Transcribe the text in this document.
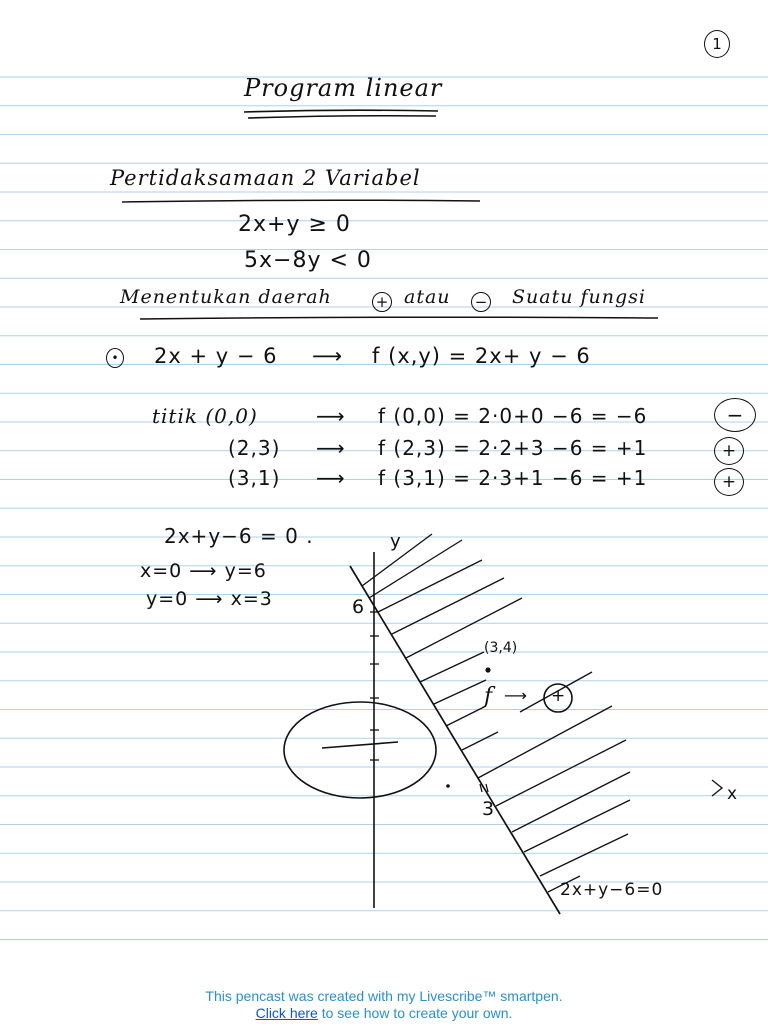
1
Program linear
Pertidaksamaan 2 Variabel
2x+y ≥ 0
5x−8y < 0
Menentukan daerah	+ atau − Suatu fungsi
• 2x + y − 6 ⟶ f (x,y) = 2x+ y − 6
titik (0,0)	⟶ f (0,0) = 2·0+0 −6 = −6	−
(2,3) ⟶ f (2,3) = 2·2+3 −6 = +1	+
(3,1) ⟶ f (3,1) = 2·3+1 −6 = +1	+
2x+y−6 = 0 .
x=0 ⟶ y=6
y=0 ⟶ x=3
y
x
6
3
(3,4)
f ⟶ +
2x+y−6=0
This pencast was created with my Livescribe™ smartpen.
Click here to see how to create your own.
